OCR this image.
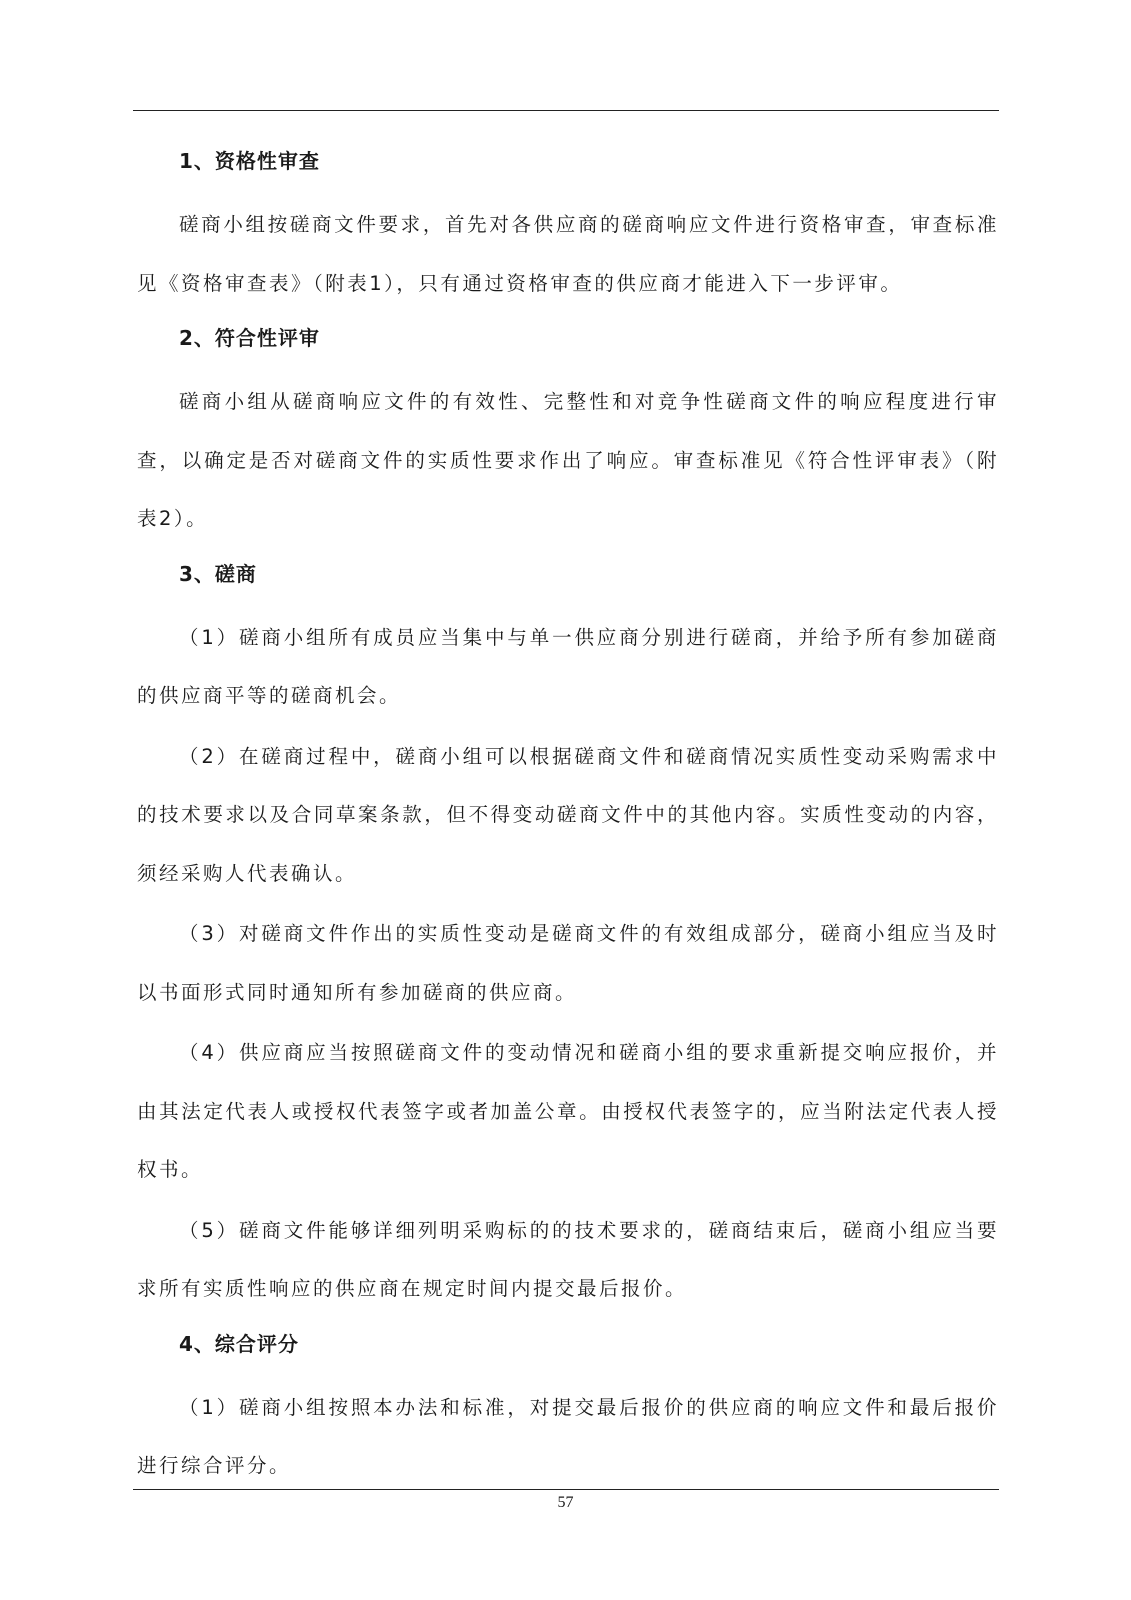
1、资格性审查

磋商小组按磋商文件要求，首先对各供应商的磋商响应文件进行资格审查，审查标准见《资格审查表》（附表1），只有通过资格审查的供应商才能进入下一步评审。

2、符合性评审

磋商小组从磋商响应文件的有效性、完整性和对竞争性磋商文件的响应程度进行审查，以确定是否对磋商文件的实质性要求作出了响应。审查标准见《符合性评审表》（附表2）。

3、磋商

（1）磋商小组所有成员应当集中与单一供应商分别进行磋商，并给予所有参加磋商的供应商平等的磋商机会。

（2）在磋商过程中，磋商小组可以根据磋商文件和磋商情况实质性变动采购需求中的技术要求以及合同草案条款，但不得变动磋商文件中的其他内容。实质性变动的内容，须经采购人代表确认。

（3）对磋商文件作出的实质性变动是磋商文件的有效组成部分，磋商小组应当及时以书面形式同时通知所有参加磋商的供应商。

（4）供应商应当按照磋商文件的变动情况和磋商小组的要求重新提交响应报价，并由其法定代表人或授权代表签字或者加盖公章。由授权代表签字的，应当附法定代表人授权书。

（5）磋商文件能够详细列明采购标的的技术要求的，磋商结束后，磋商小组应当要求所有实质性响应的供应商在规定时间内提交最后报价。

4、综合评分

（1）磋商小组按照本办法和标准，对提交最后报价的供应商的响应文件和最后报价进行综合评分。

57
